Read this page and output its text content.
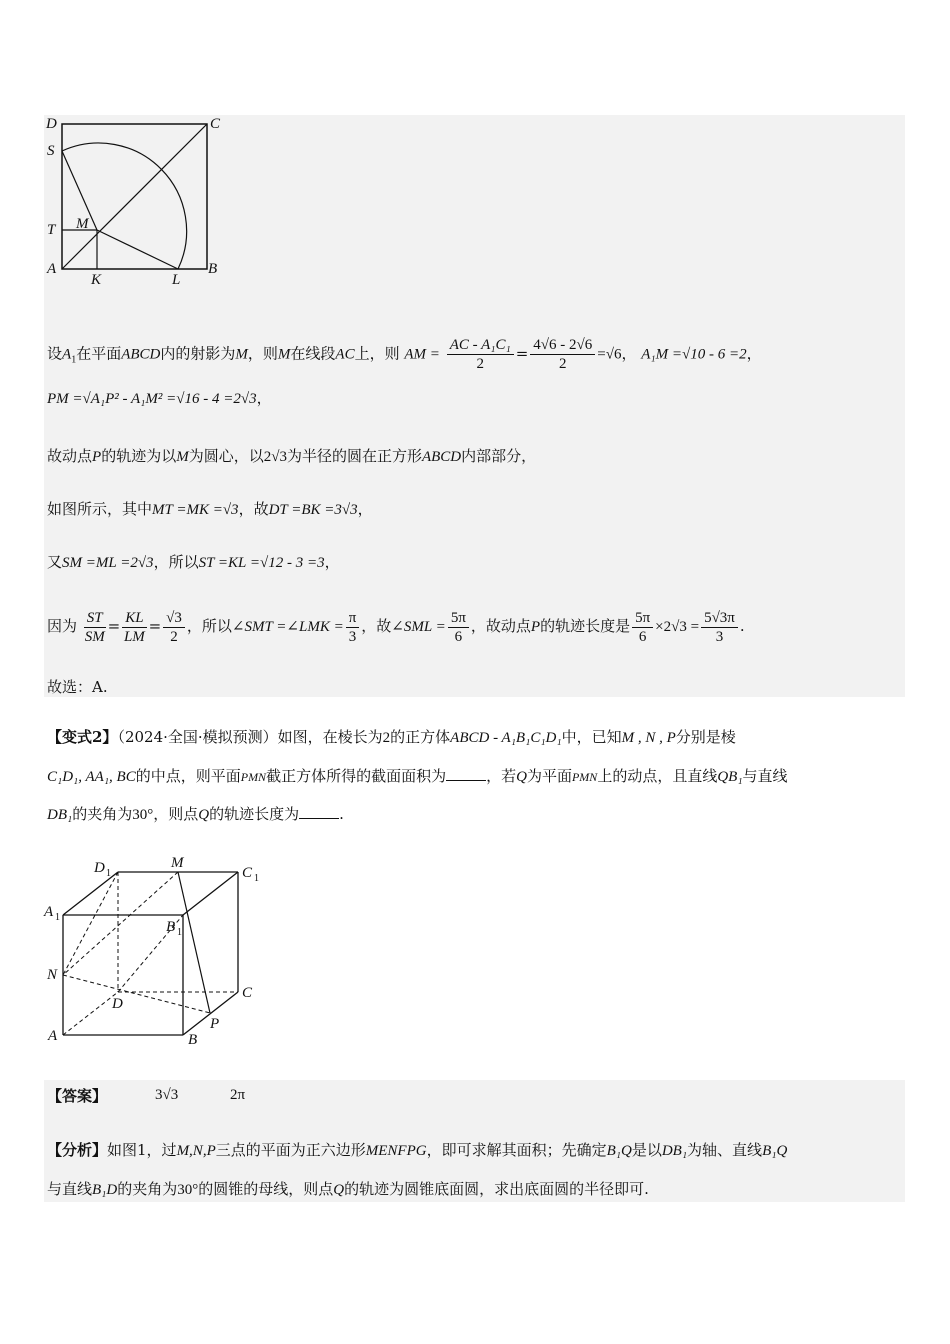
D	C
S
T M
A	B
K	L
设$A_1$在平面ABCD内的射影为M，则M在线段AC上，则 AM = $\frac{\text{AC - A₁C₁}}{2} = \frac{4√6 - 2√6}{2} =√6$， A₁M =√10 - 6 =2，
PM =√A₁P² - A₁M² =√16 - 4 =2√3，
故动点P的轨迹为以M为圆心，以2√3为半径的圆在正方形ABCD内部部分，
如图所示，其中MT =MK =√3，故DT =BK =3√3，
又SM =ML =2√3，所以ST =KL =√12 - 3 =3，
因为 $\frac{ST}{SM} = \frac{KL}{LM} = \frac{√3}{2}$ ，所以∠SMT =∠LMK = $\frac{\pi}{3}$ ，故∠SML = $\frac{5\pi}{6}$ ，故动点P的轨迹长度是 $\frac{5\pi}{6} \times 2√3 = \frac{5√3\pi}{3}$ .
故选：A.
【变式2】（2024·全国·模拟预测）如图，在棱长为2的正方体ABCD - A₁B₁C₁D₁中，已知M , N , P分别是棱
C₁D₁, AA₁, BC的中点，则平面PMN截正方体所得的截面面积为	，若Q为平面PMN上的动点，且直线QB₁与直线
DB₁的夹角为30°，则点Q的轨迹长度为	.
D 1
M
C 1
A 1
B 1
N
D
C
A	B
P
【答案】	3√3	2π
【分析】如图1，过M,N,P三点的平面为正六边形MENFPG，即可求解其面积；先确定B₁Q是以DB₁为轴、直线B₁Q
与直线B₁D的夹角为30°的圆锥的母线，则点Q的轨迹为圆锥底面圆，求出底面圆的半径即可.
